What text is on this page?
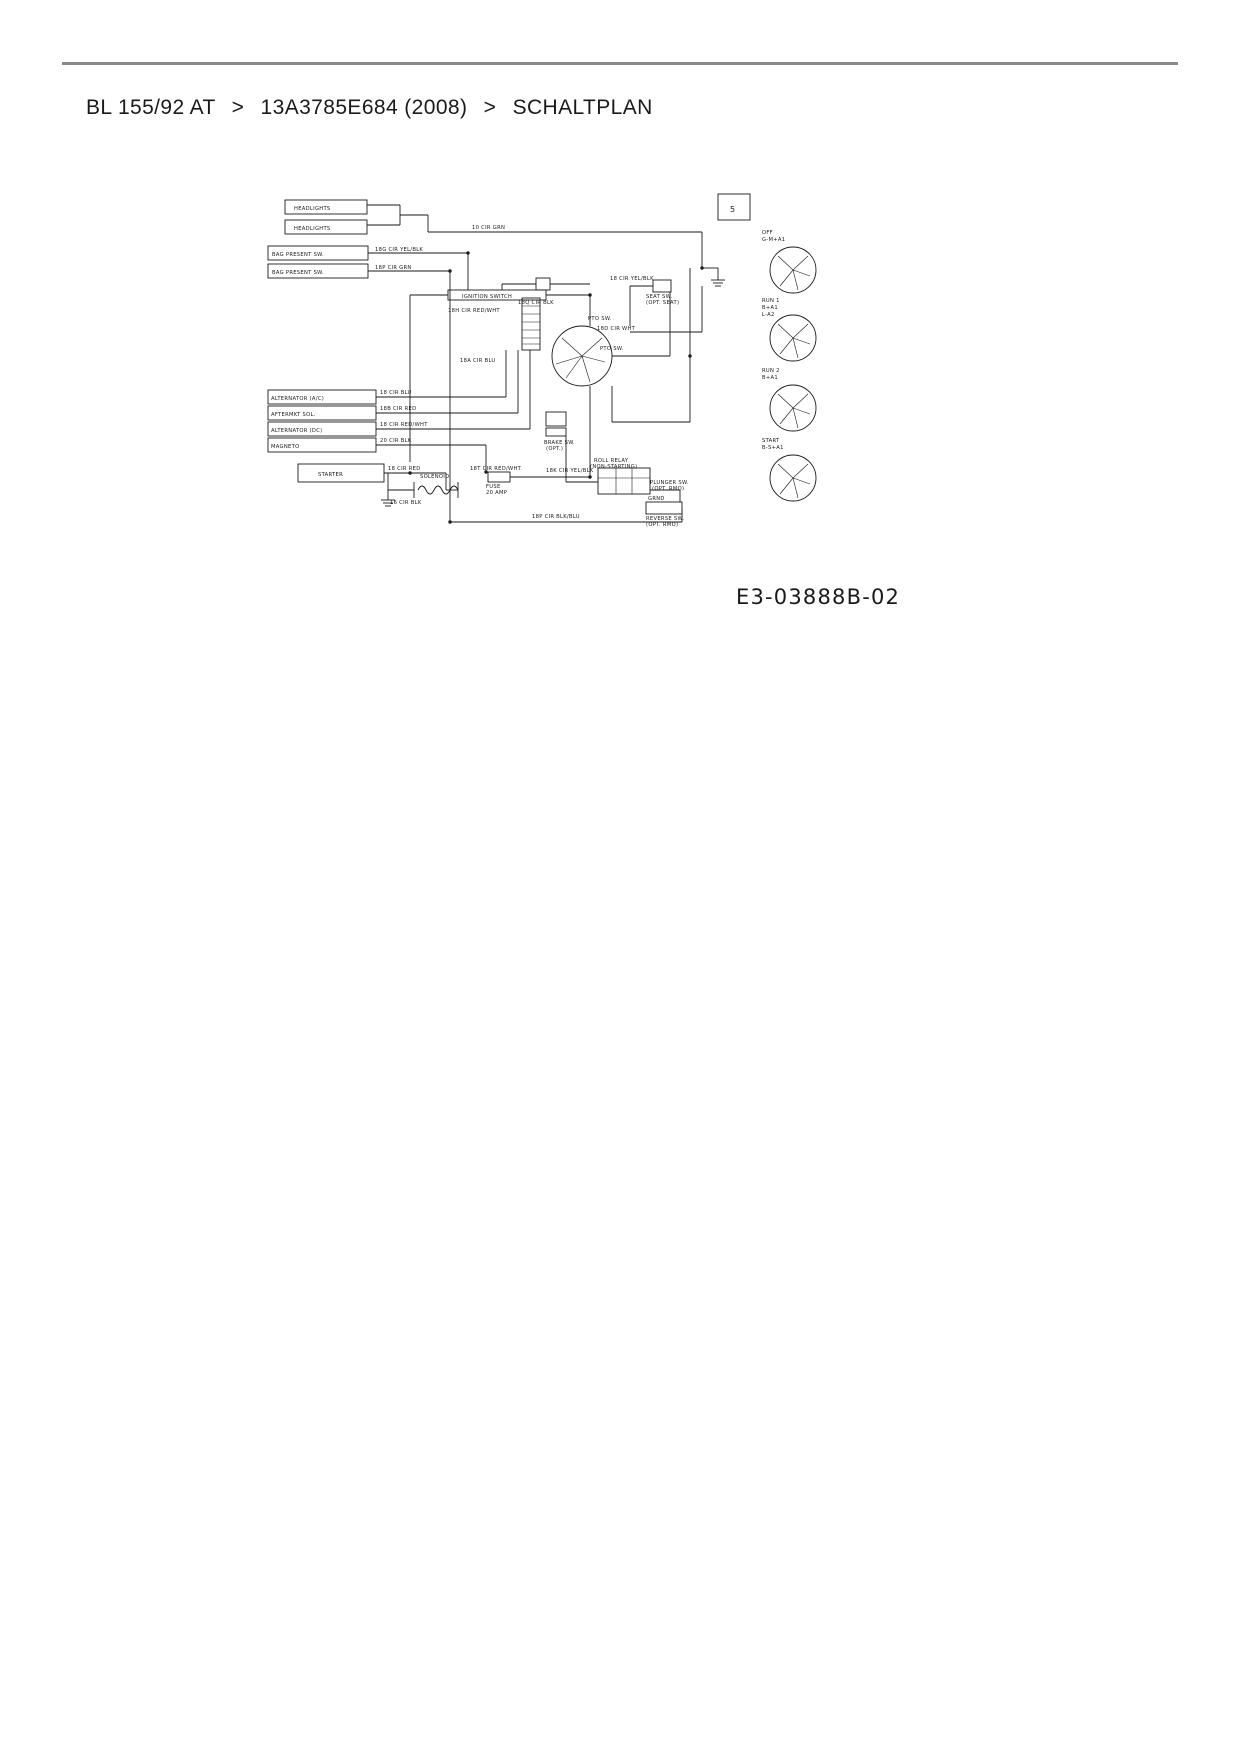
BL 155/92 AT > 13A3785E684 (2008) > SCHALTPLAN
HEADLIGHTS
HEADLIGHTS
BAG PRESENT SW.
BAG PRESENT SW.
ALTERNATOR (A/C)
AFTERMKT SOL.
ALTERNATOR (DC)
MAGNETO
STARTER
IGNITION SWITCH
PTO SW.
SEAT SW.
(OPT. SEAT)
BRAKE SW.
(OPT.)
SOLENOID
FUSE
20 AMP
ROLL RELAY
(NON-STARTING)
PLUNGER SW.
(OPT. RMO)
REVERSE SW.
(OPT. RMO)
GRND
10 CIR GRN
18G CIR YEL/BLK
18P CIR GRN
18 CIR YEL/BLK
18H CIR RED/WHT
18D CIR WHT
PTO SW.
18A CIR BLU
18 CIR BLU
18B CIR RED
18 CIR RED/WHT
20 CIR BLK
18 CIR RED	18T CIR RED/WHT	18K CIR YEL/BLK
16 CIR BLK
18P CIR BLK/BLU
18Q CIR BLK
OFF
G-M+A1
RUN 1
B+A1
L-A2
RUN 2
B+A1
START
B-S+A1
5
E3-03888B-02
